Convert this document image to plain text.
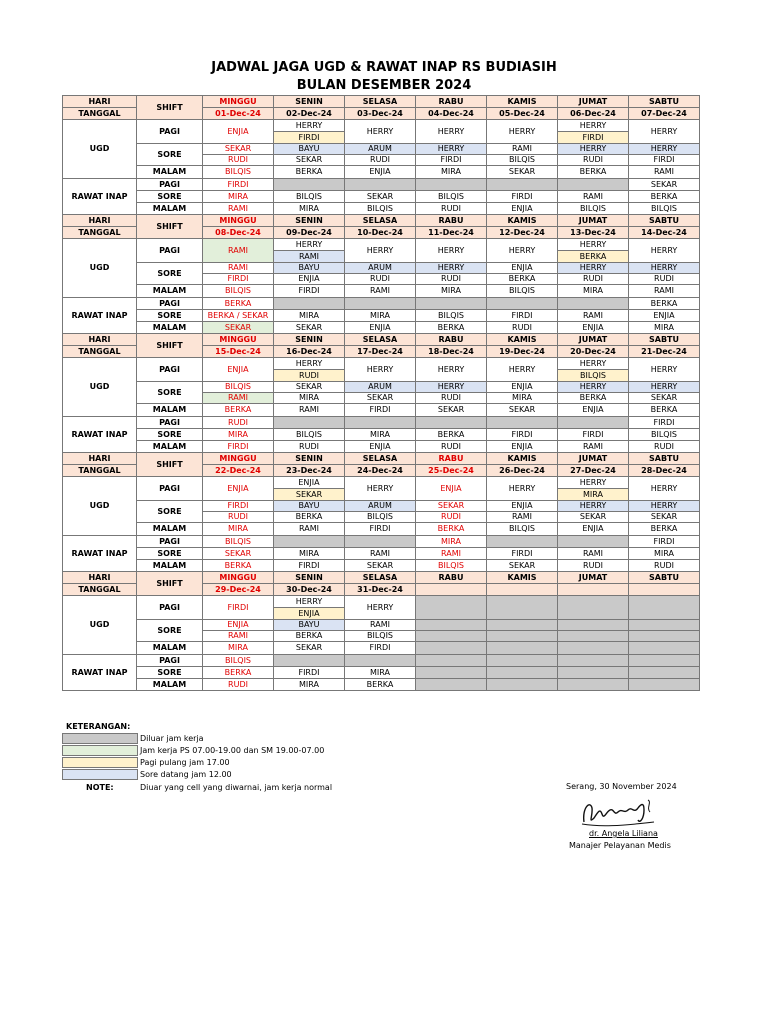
JADWAL JAGA UGD & RAWAT INAP RS BUDIASIH
BULAN DESEMBER 2024
HARI	SHIFT	MINGGU	SENIN	SELASA	RABU	KAMIS	JUMAT	SABTU
TANGGAL		01-Dec-24	02-Dec-24	03-Dec-24	04-Dec-24	05-Dec-24	06-Dec-24	07-Dec-24
UGD	PAGI	ENJIA	HERRY	HERRY	HERRY	HERRY	HERRY	HERRY
			FIRDI				FIRDI	
	SORE	SEKAR	BAYU	ARUM	HERRY	RAMI	HERRY	HERRY
		RUDI	SEKAR	RUDI	FIRDI	BILQIS	RUDI	FIRDI
	MALAM	BILQIS	BERKA	ENJIA	MIRA	SEKAR	BERKA	RAMI
RAWAT INAP	PAGI	FIRDI						SEKAR
	SORE	MIRA	BILQIS	SEKAR	BILQIS	FIRDI	RAMI	BERKA
	MALAM	RAMI	MIRA	BILQIS	RUDI	ENJIA	BILQIS	BILQIS
HARI	SHIFT	MINGGU	SENIN	SELASA	RABU	KAMIS	JUMAT	SABTU
TANGGAL		08-Dec-24	09-Dec-24	10-Dec-24	11-Dec-24	12-Dec-24	13-Dec-24	14-Dec-24
UGD	PAGI	RAMI	HERRY	HERRY	HERRY	HERRY	HERRY	HERRY
			RAMI				BERKA	
	SORE	RAMI	BAYU	ARUM	HERRY	ENJIA	HERRY	HERRY
		FIRDI	ENJIA	RUDI	RUDI	BERKA	RUDI	RUDI
	MALAM	BILQIS	FIRDI	RAMI	MIRA	BILQIS	MIRA	RAMI
RAWAT INAP	PAGI	BERKA						BERKA
	SORE	BERKA / SEKAR	MIRA	MIRA	BILQIS	FIRDI	RAMI	ENJIA
	MALAM	SEKAR	SEKAR	ENJIA	BERKA	RUDI	ENJIA	MIRA
HARI	SHIFT	MINGGU	SENIN	SELASA	RABU	KAMIS	JUMAT	SABTU
TANGGAL		15-Dec-24	16-Dec-24	17-Dec-24	18-Dec-24	19-Dec-24	20-Dec-24	21-Dec-24
UGD	PAGI	ENJIA	HERRY	HERRY	HERRY	HERRY	HERRY	HERRY
			RUDI				BILQIS	
	SORE	BILQIS	SEKAR	ARUM	HERRY	ENJIA	HERRY	HERRY
		RAMI	MIRA	SEKAR	RUDI	MIRA	BERKA	SEKAR
	MALAM	BERKA	RAMI	FIRDI	SEKAR	SEKAR	ENJIA	BERKA
RAWAT INAP	PAGI	RUDI						FIRDI
	SORE	MIRA	BILQIS	MIRA	BERKA	FIRDI	FIRDI	BILQIS
	MALAM	FIRDI	RUDI	ENJIA	RUDI	ENJIA	RAMI	RUDI
HARI	SHIFT	MINGGU	SENIN	SELASA	RABU	KAMIS	JUMAT	SABTU
TANGGAL		22-Dec-24	23-Dec-24	24-Dec-24	25-Dec-24	26-Dec-24	27-Dec-24	28-Dec-24
UGD	PAGI	ENJIA	ENJIA	HERRY	ENJIA	HERRY	HERRY	HERRY
			SEKAR				MIRA	
	SORE	FIRDI	BAYU	ARUM	SEKAR	ENJIA	HERRY	HERRY
		RUDI	BERKA	BILQIS	RUDI	RAMI	SEKAR	SEKAR
	MALAM	MIRA	RAMI	FIRDI	BERKA	BILQIS	ENJIA	BERKA
RAWAT INAP	PAGI	BILQIS			MIRA			FIRDI
	SORE	SEKAR	MIRA	RAMI	RAMI	FIRDI	RAMI	MIRA
	MALAM	BERKA	FIRDI	SEKAR	BILQIS	SEKAR	RUDI	RUDI
HARI	SHIFT	MINGGU	SENIN	SELASA	RABU	KAMIS	JUMAT	SABTU
TANGGAL		29-Dec-24	30-Dec-24	31-Dec-24				
UGD	PAGI	FIRDI	HERRY	HERRY				
			ENJIA					
	SORE	ENJIA	BAYU	RAMI				
		RAMI	BERKA	BILQIS				
	MALAM	MIRA	SEKAR	FIRDI				
RAWAT INAP	PAGI	BILQIS						
	SORE	BERKA	FIRDI	MIRA				
	MALAM	RUDI	MIRA	BERKA				
KETERANGAN:
Diluar jam kerja
Jam kerja PS 07.00-19.00 dan SM 19.00-07.00
Pagi pulang jam 17.00
Sore datang jam 12.00
NOTE:	Diuar yang cell yang diwarnai, jam kerja normal	Serang, 30 November 2024
dr. Angela Liliana
Manajer Pelayanan Medis
